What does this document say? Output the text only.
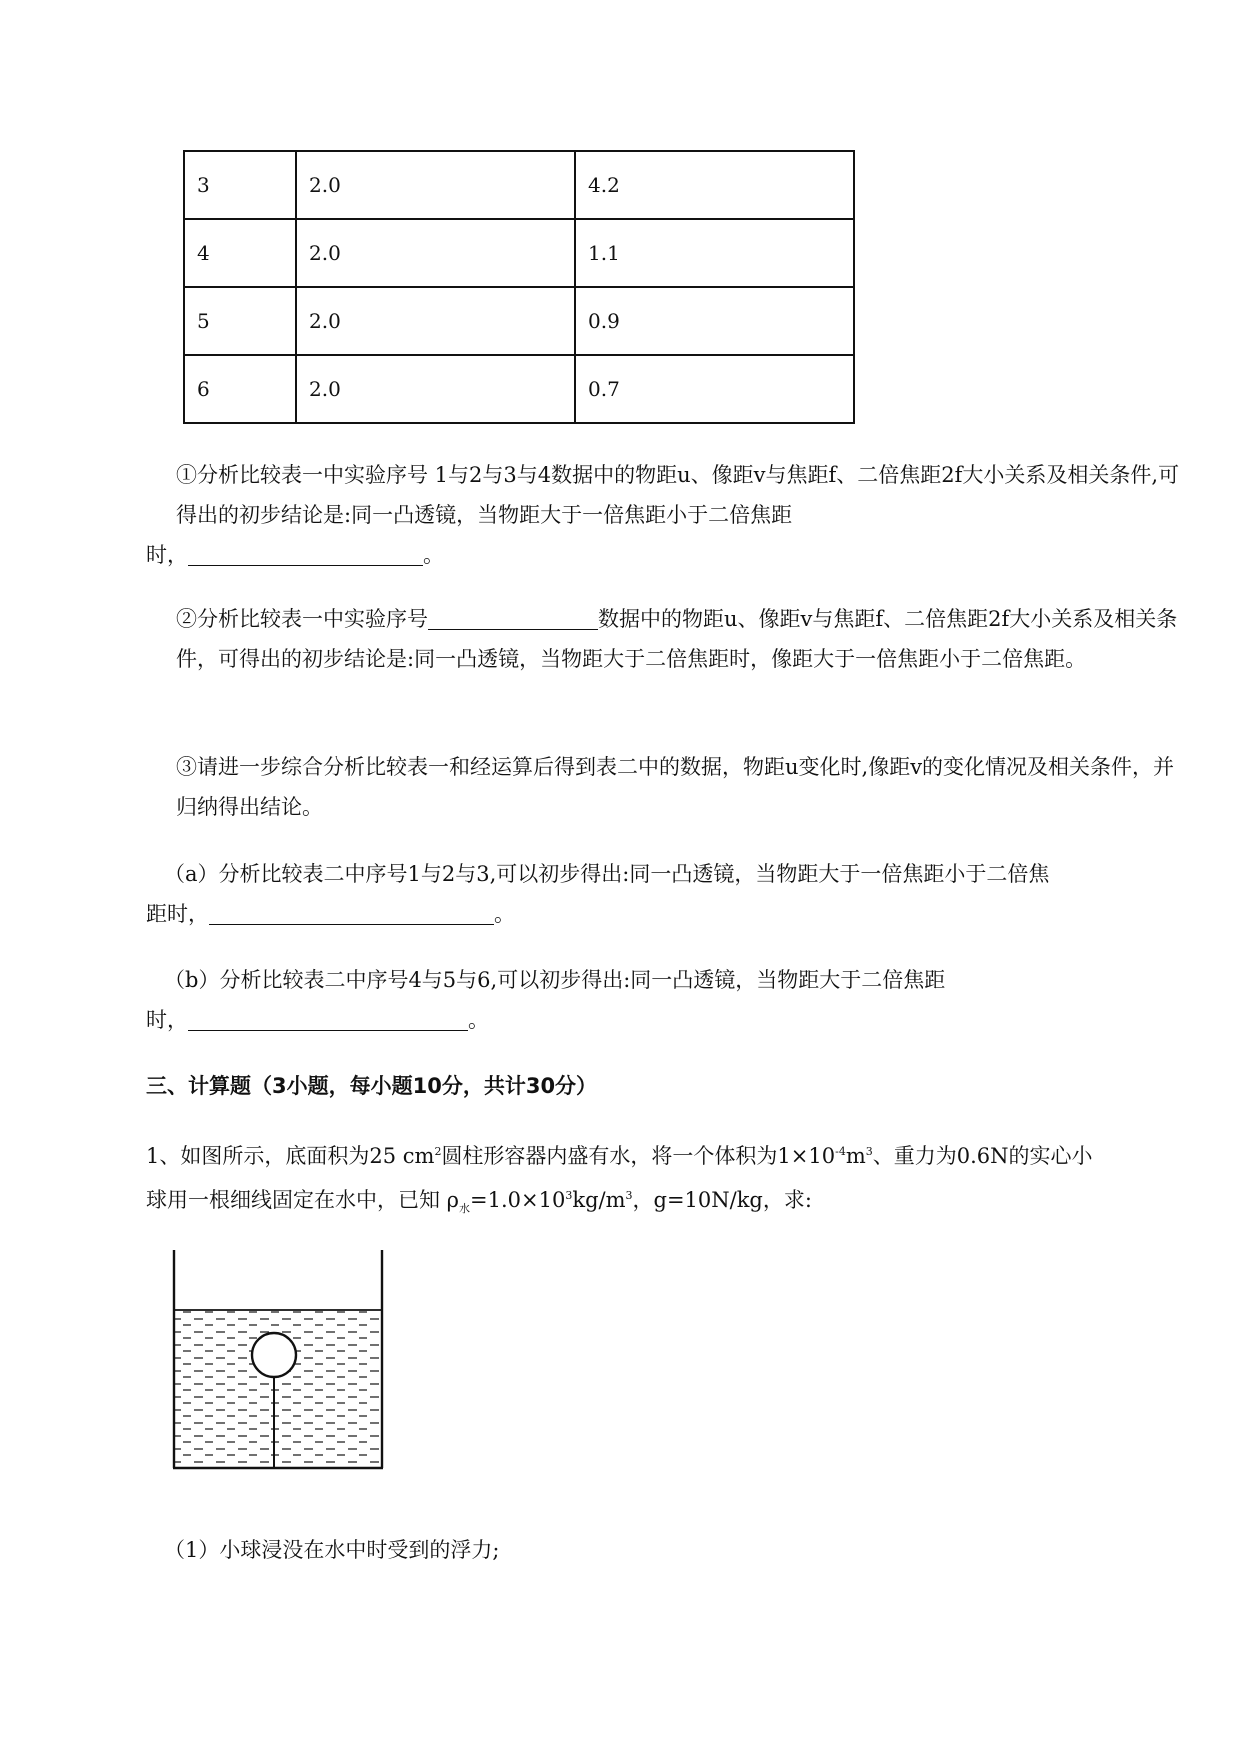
3	2.0	4.2
4	2.0	1.1
5	2.0	0.9
6	2.0	0.7

①分析比较表一中实验序号 1与2与3与4数据中的物距u、像距v与焦距f、二倍焦距2f大小关系及相关条件,可得出的初步结论是:同一凸透镜，当物距大于一倍焦距小于二倍焦距
时，	。

②分析比较表一中实验序号	数据中的物距u、像距v与焦距f、二倍焦距2f大小关系及相关条件，可得出的初步结论是:同一凸透镜，当物距大于二倍焦距时，像距大于一倍焦距小于二倍焦距。

③请进一步综合分析比较表一和经运算后得到表二中的数据，物距u变化时,像距v的变化情况及相关条件，并归纳得出结论。

（a）分析比较表二中序号1与2与3,可以初步得出:同一凸透镜，当物距大于一倍焦距小于二倍焦
距时，	。

（b）分析比较表二中序号4与5与6,可以初步得出:同一凸透镜，当物距大于二倍焦距
时，	。

三、计算题（3小题，每小题10分，共计30分）

1、如图所示，底面积为25 $cm^2$圆柱形容器内盛有水，将一个体积为$1\times 10^{-4}m^3$、重力为0.6N的实心小
球用一根细线固定在水中，已知 $\rho_水=1.0\times 10^3kg/m^3$，g=10N/kg，求:

（1）小球浸没在水中时受到的浮力;
